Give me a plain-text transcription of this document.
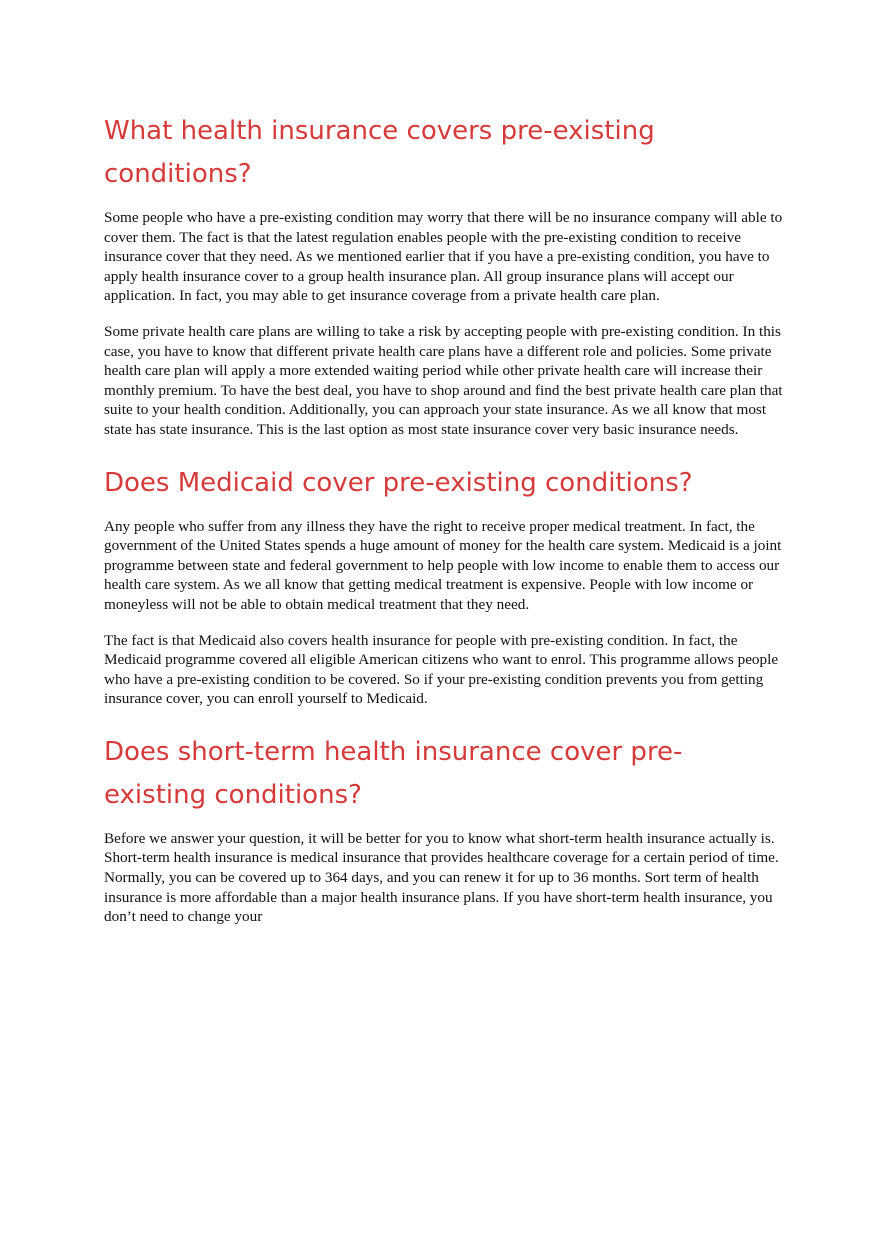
What health insurance covers pre-existing conditions?

Some people who have a pre-existing condition may worry that there will be no insurance company will able to cover them. The fact is that the latest regulation enables people with the pre-existing condition to receive insurance cover that they need. As we mentioned earlier that if you have a pre-existing condition, you have to apply health insurance cover to a group health insurance plan. All group insurance plans will accept our application. In fact, you may able to get insurance coverage from a private health care plan.

Some private health care plans are willing to take a risk by accepting people with pre-existing condition. In this case, you have to know that different private health care plans have a different role and policies. Some private health care plan will apply a more extended waiting period while other private health care will increase their monthly premium. To have the best deal, you have to shop around and find the best private health care plan that suite to your health condition. Additionally, you can approach your state insurance. As we all know that most state has state insurance. This is the last option as most state insurance cover very basic insurance needs.

Does Medicaid cover pre-existing conditions?

Any people who suffer from any illness they have the right to receive proper medical treatment. In fact, the government of the United States spends a huge amount of money for the health care system. Medicaid is a joint programme between state and federal government to help people with low income to enable them to access our health care system. As we all know that getting medical treatment is expensive. People with low income or moneyless will not be able to obtain medical treatment that they need.

The fact is that Medicaid also covers health insurance for people with pre-existing condition. In fact, the Medicaid programme covered all eligible American citizens who want to enrol. This programme allows people who have a pre-existing condition to be covered. So if your pre-existing condition prevents you from getting insurance cover, you can enroll yourself to Medicaid.

Does short-term health insurance cover pre-existing conditions?

Before we answer your question, it will be better for you to know what short-term health insurance actually is. Short-term health insurance is medical insurance that provides healthcare coverage for a certain period of time. Normally, you can be covered up to 364 days, and you can renew it for up to 36 months. Sort term of health insurance is more affordable than a major health insurance plans. If you have short-term health insurance, you don’t need to change your
